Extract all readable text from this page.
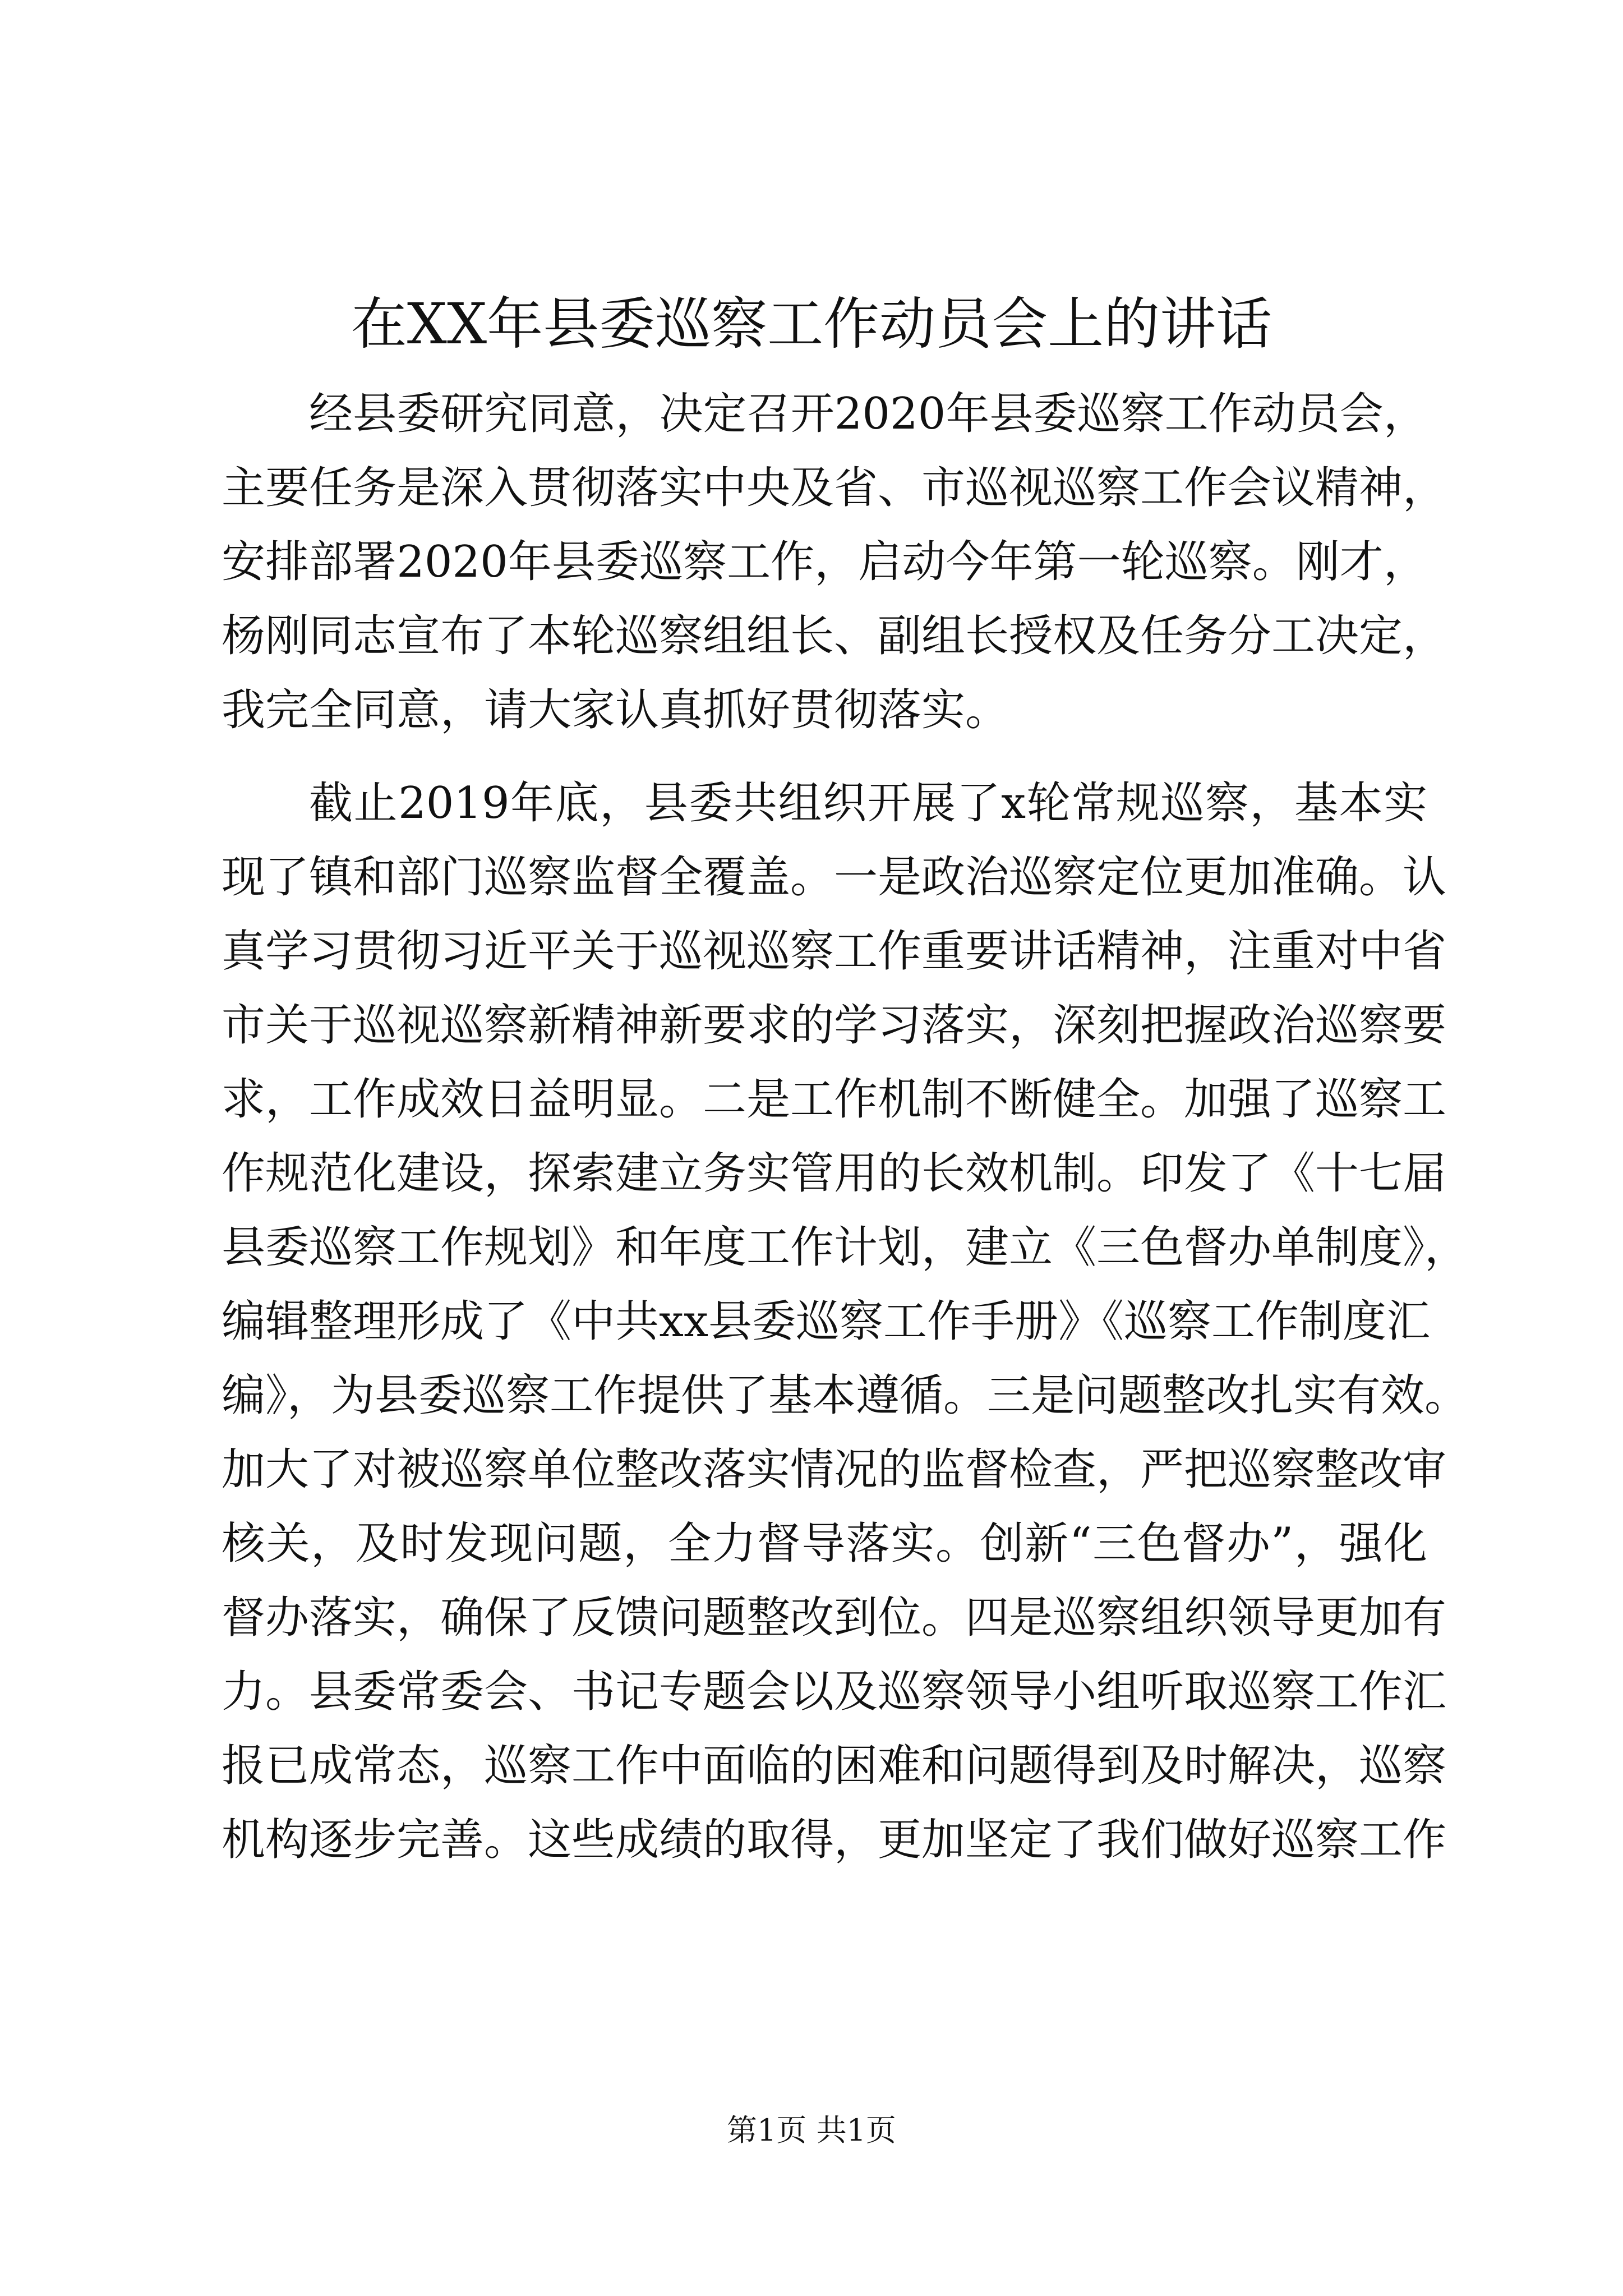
在XX年县委巡察工作动员会上的讲话
经县委研究同意，决定召开2020年县委巡察工作动员会，
主要任务是深入贯彻落实中央及省、市巡视巡察工作会议精神，
安排部署2020年县委巡察工作，启动今年第一轮巡察。刚才，
杨刚同志宣布了本轮巡察组组长、副组长授权及任务分工决定，
我完全同意，请大家认真抓好贯彻落实。
截止2019年底，县委共组织开展了x轮常规巡察，基本实
现了镇和部门巡察监督全覆盖。一是政治巡察定位更加准确。认
真学习贯彻习近平关于巡视巡察工作重要讲话精神，注重对中省
市关于巡视巡察新精神新要求的学习落实，深刻把握政治巡察要
求，工作成效日益明显。二是工作机制不断健全。加强了巡察工
作规范化建设，探索建立务实管用的长效机制。印发了《十七届
县委巡察工作规划》和年度工作计划，建立《三色督办单制度》，
编辑整理形成了《中共xx县委巡察工作手册》《巡察工作制度汇
编》，为县委巡察工作提供了基本遵循。三是问题整改扎实有效。
加大了对被巡察单位整改落实情况的监督检查，严把巡察整改审
核关，及时发现问题，全力督导落实。创新“三色督办”，强化
督办落实，确保了反馈问题整改到位。四是巡察组织领导更加有
力。县委常委会、书记专题会以及巡察领导小组听取巡察工作汇
报已成常态，巡察工作中面临的困难和问题得到及时解决，巡察
机构逐步完善。这些成绩的取得，更加坚定了我们做好巡察工作
第1页 共1页
